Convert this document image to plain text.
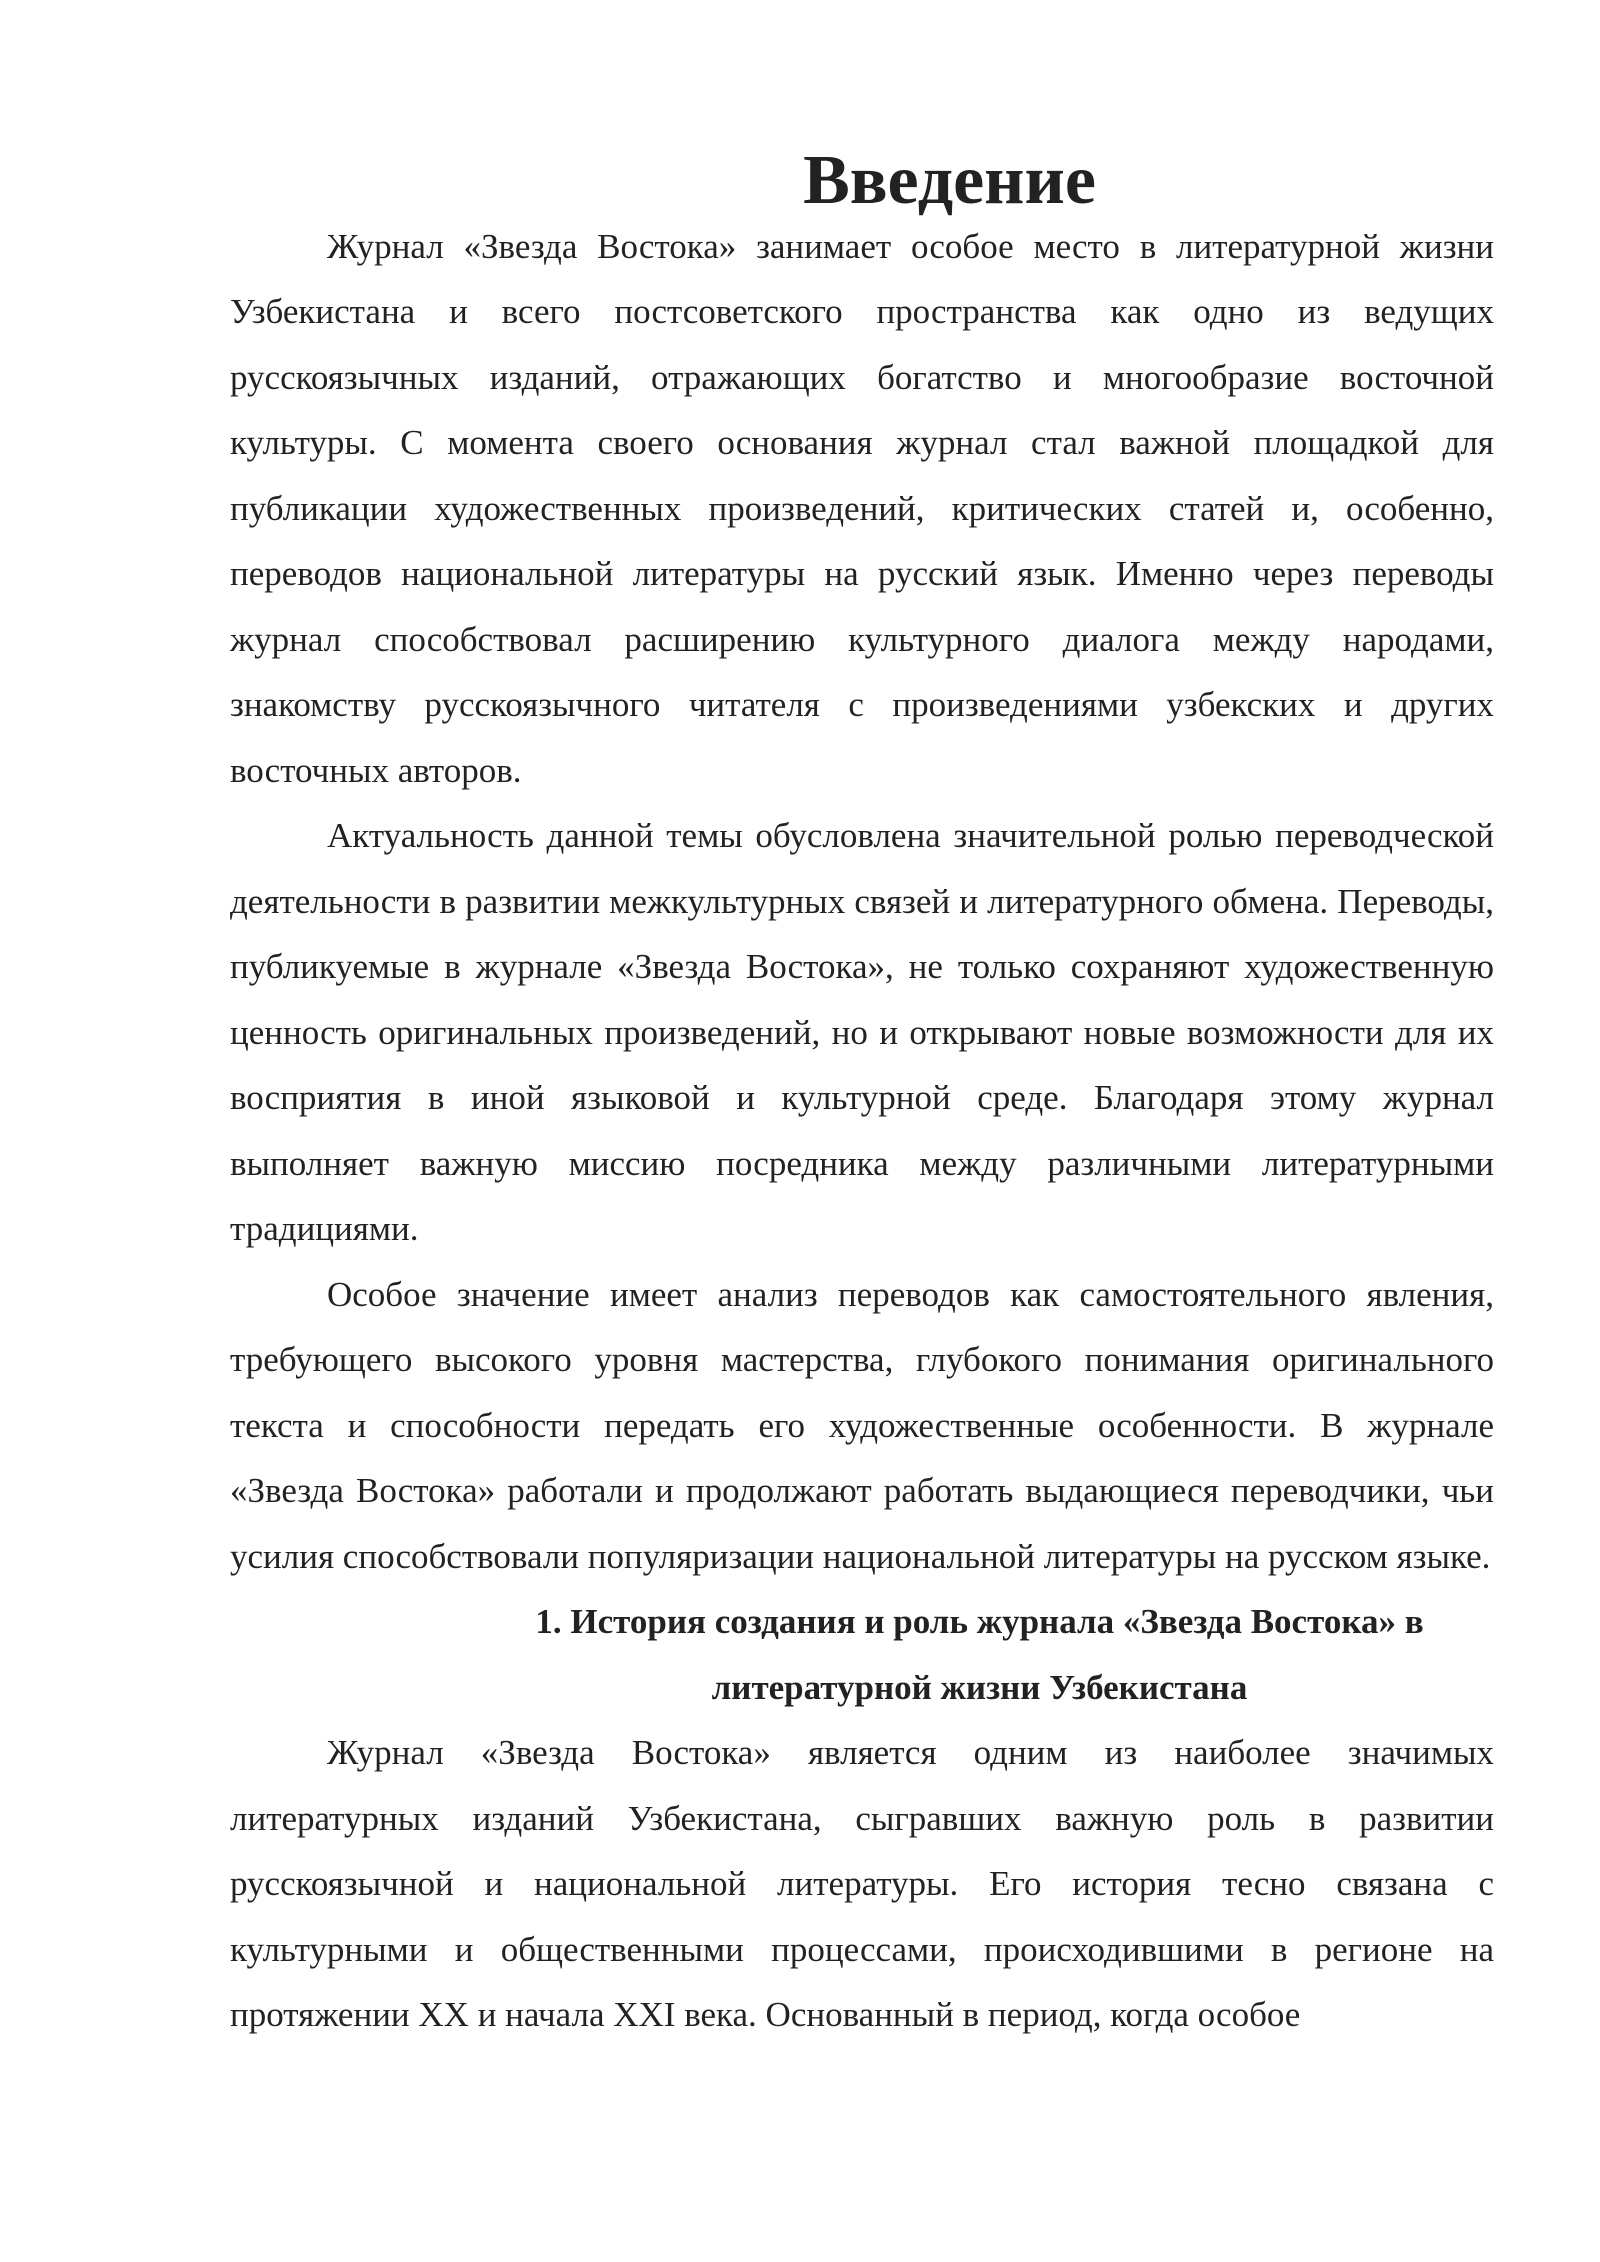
Введение

Журнал «Звезда Востока» занимает особое место в литературной жизни Узбекистана и всего постсоветского пространства как одно из ведущих русскоязычных изданий, отражающих богатство и многообразие восточной культуры. С момента своего основания журнал стал важной площадкой для публикации художественных произведений, критических статей и, особенно, переводов национальной литературы на русский язык. Именно через переводы журнал способствовал расширению культурного диалога между народами, знакомству русскоязычного читателя с произведениями узбекских и других восточных авторов.

Актуальность данной темы обусловлена значительной ролью переводческой деятельности в развитии межкультурных связей и литературного обмена. Переводы, публикуемые в журнале «Звезда Востока», не только сохраняют художественную ценность оригинальных произведений, но и открывают новые возможности для их восприятия в иной языковой и культурной среде. Благодаря этому журнал выполняет важную миссию посредника между различными литературными традициями.

Особое значение имеет анализ переводов как самостоятельного явления, требующего высокого уровня мастерства, глубокого понимания оригинального текста и способности передать его художественные особенности. В журнале «Звезда Востока» работали и продолжают работать выдающиеся переводчики, чьи усилия способствовали популяризации национальной литературы на русском языке.

1. История создания и роль журнала «Звезда Востока» в
литературной жизни Узбекистана

Журнал «Звезда Востока» является одним из наиболее значимых литературных изданий Узбекистана, сыгравших важную роль в развитии русскоязычной и национальной литературы. Его история тесно связана с культурными и общественными процессами, происходившими в регионе на протяжении XX и начала XXI века. Основанный в период, когда особое
